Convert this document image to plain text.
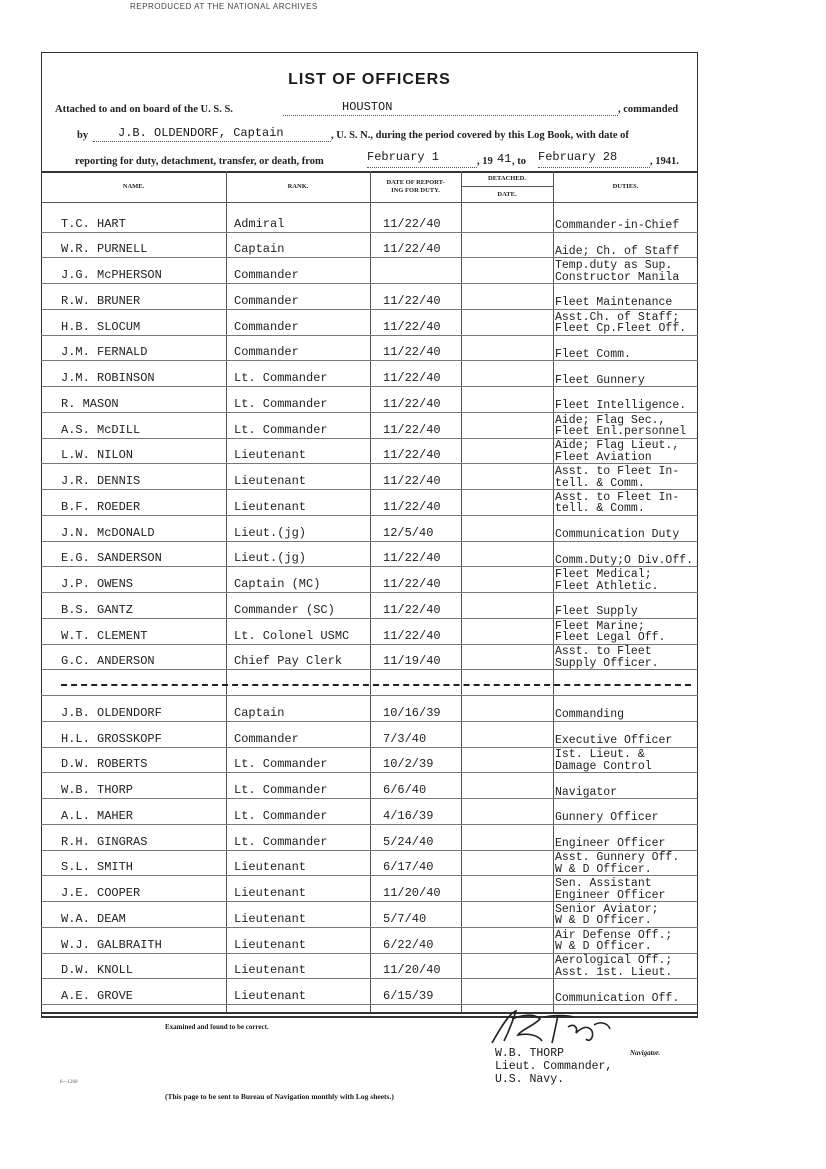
REPRODUCED AT THE NATIONAL ARCHIVES
LIST OF OFFICERS
Attached to and on board of the U. S. S.	HOUSTON	, commanded
by J.B. OLDENDORF, Captain	, U. S. N., during the period covered by this Log Book, with date of
reporting for duty, detachment, transfer, or death, from	February 1	, 19 41 , to February 28	, 1941.
NAME.	RANK.
DATE OF REPORT-
ING FOR DUTY.
DETACHED.
DATE.
DUTIES.
T.C. HART	Admiral	11/22/40	Commander-in-Chief
W.R. PURNELL	Captain	11/22/40	Aide; Ch. of Staff
J.G. McPHERSON	Commander
Temp.duty as Sup.
Constructor Manila
R.W. BRUNER	Commander	11/22/40	Fleet Maintenance
H.B. SLOCUM	Commander	11/22/40
Asst.Ch. of Staff;
Fleet Cp.Fleet Off.
J.M. FERNALD	Commander	11/22/40	Fleet Comm.
J.M. ROBINSON	Lt. Commander	11/22/40	Fleet Gunnery
R. MASON	Lt. Commander	11/22/40	Fleet Intelligence.
A.S. McDILL	Lt. Commander	11/22/40
Aide; Flag Sec.,
Fleet Enl.personnel
L.W. NILON	Lieutenant	11/22/40
Aide; Flag Lieut.,
Fleet Aviation
J.R. DENNIS	Lieutenant	11/22/40
Asst. to Fleet In-
tell. & Comm.
B.F. ROEDER	Lieutenant	11/22/40
Asst. to Fleet In-
tell. & Comm.
J.N. McDONALD	Lieut.(jg)	12/5/40	Communication Duty
E.G. SANDERSON	Lieut.(jg)	11/22/40	Comm.Duty;O Div.Off.
J.P. OWENS	Captain (MC)	11/22/40
Fleet Medical;
Fleet Athletic.
B.S. GANTZ	Commander (SC)	11/22/40	Fleet Supply
W.T. CLEMENT	Lt. Colonel USMC	11/22/40
Fleet Marine;
Fleet Legal Off.
G.C. ANDERSON	Chief Pay Clerk	11/19/40
Asst. to Fleet
Supply Officer.
J.B. OLDENDORF	Captain	10/16/39	Commanding
H.L. GROSSKOPF	Commander	7/3/40	Executive Officer
D.W. ROBERTS	Lt. Commander	10/2/39
Ist. Lieut. &
Damage Control
W.B. THORP	Lt. Commander	6/6/40	Navigator
A.L. MAHER	Lt. Commander	4/16/39	Gunnery Officer
R.H. GINGRAS	Lt. Commander	5/24/40	Engineer Officer
S.L. SMITH	Lieutenant	6/17/40
Asst. Gunnery Off.
W & D Officer.
J.E. COOPER	Lieutenant	11/20/40
Sen. Assistant
Engineer Officer
W.A. DEAM	Lieutenant	5/7/40
Senior Aviator;
W & D Officer.
W.J. GALBRAITH	Lieutenant	6/22/40
Air Defense Off.;
W & D Officer.
D.W. KNOLL	Lieutenant	11/20/40
Aerological Off.;
Asst. 1st. Lieut.
A.E. GROVE	Lieutenant	6/15/39	Communication Off.
Examined and found to be correct.
W.B. THORP
Lieut. Commander,
U.S. Navy.
Navigator.
6—1260
(This page to be sent to Bureau of Navigation monthly with Log sheets.)
